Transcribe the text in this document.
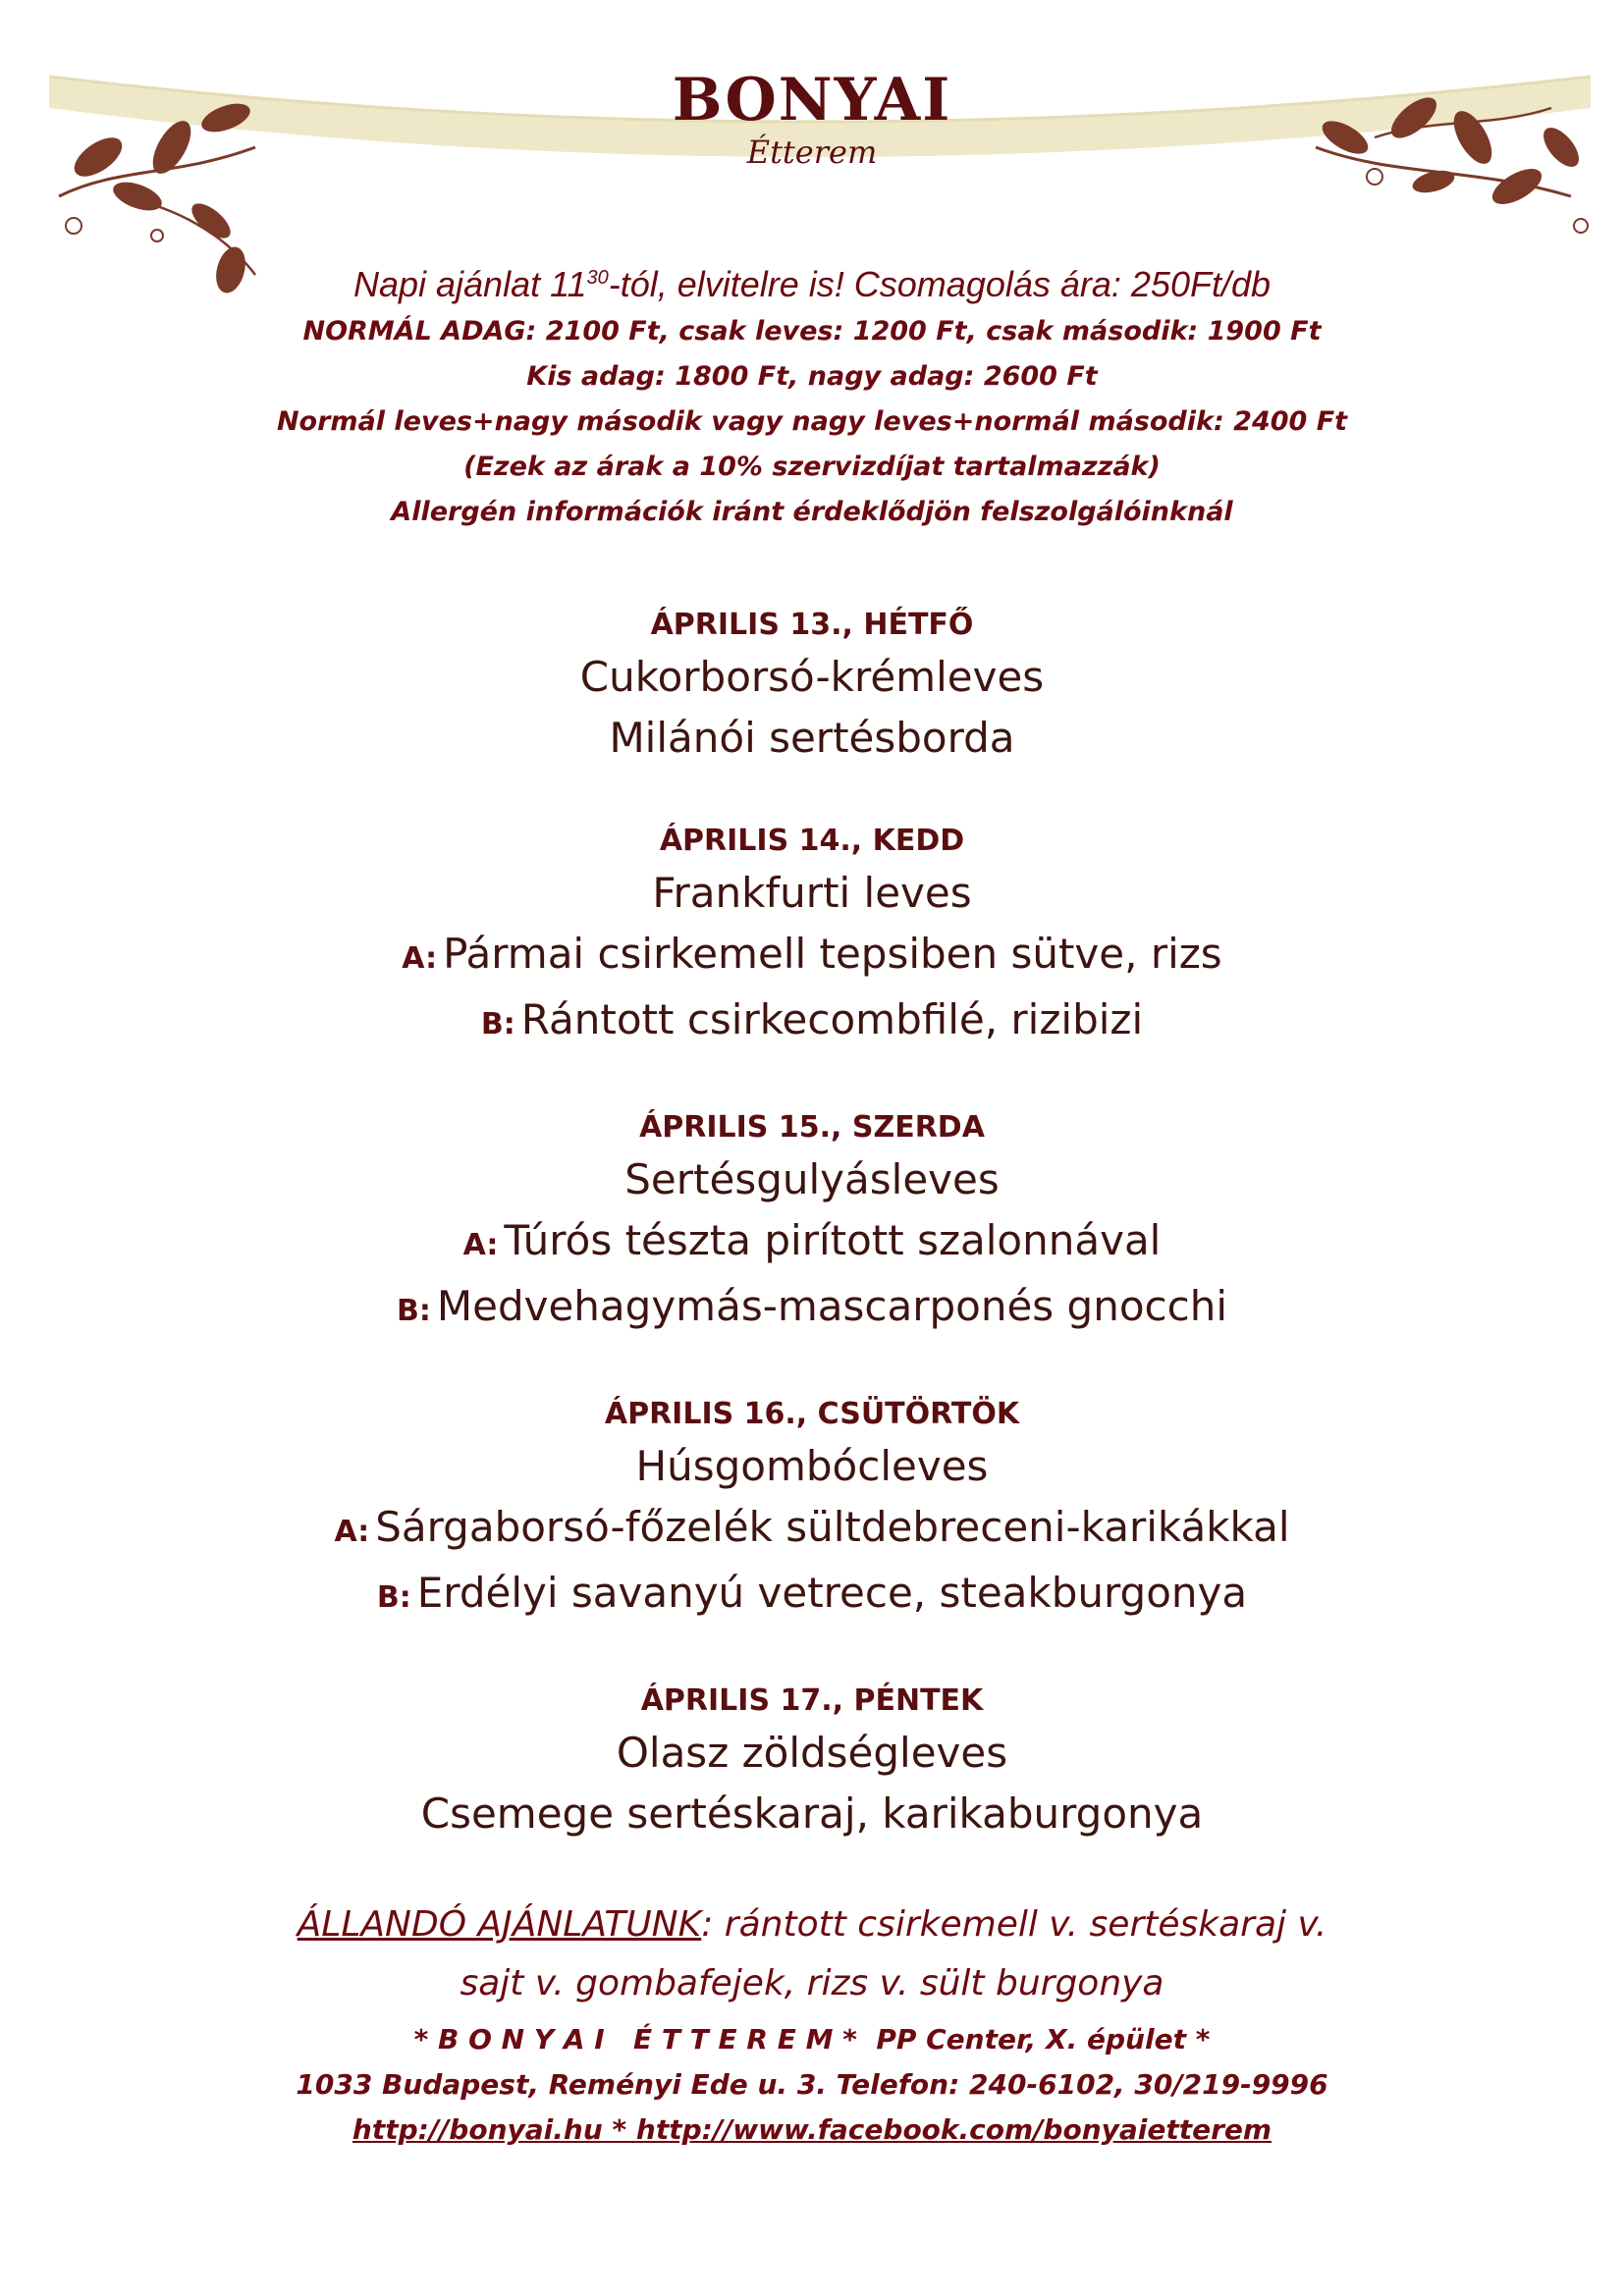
BONYAI
Étterem
Napi ajánlat $11^{30}$-tól, elvitelre is! Csomagolás ára: 250Ft/db
NORMÁL ADAG: 2100 Ft, csak leves: 1200 Ft, csak második: 1900 Ft
Kis adag: 1800 Ft, nagy adag: 2600 Ft
Normál leves+nagy második vagy nagy leves+normál második: 2400 Ft
(Ezek az árak a 10% szervizdíjat tartalmazzák)
Allergén információk iránt érdeklődjön felszolgálóinknál
ÁPRILIS 13., HÉTFŐ
Cukorborsó-krémleves
Milánói sertésborda
ÁPRILIS 14., KEDD
Frankfurti leves
A: Pármai csirkemell tepsiben sütve, rizs
B: Rántott csirkecombfilé, rizibizi
ÁPRILIS 15., SZERDA
Sertésgulyásleves
A: Túrós tészta pirított szalonnával
B: Medvehagymás-mascarponés gnocchi
ÁPRILIS 16., CSÜTÖRTÖK
Húsgombócleves
A: Sárgaborsó-főzelék sültdebreceni-karikákkal
B: Erdélyi savanyú vetrece, steakburgonya
ÁPRILIS 17., PÉNTEK
Olasz zöldségleves
Csemege sertéskaraj, karikaburgonya
ÁLLANDÓ AJÁNLATUNK: rántott csirkemell v. sertéskaraj v.
sajt v. gombafejek, rizs v. sült burgonya
* B O N Y A I   É T T E R E M *  PP Center, X. épület *
1033 Budapest, Reményi Ede u. 3. Telefon: 240-6102, 30/219-9996
http://bonyai.hu * http://www.facebook.com/bonyaietterem
